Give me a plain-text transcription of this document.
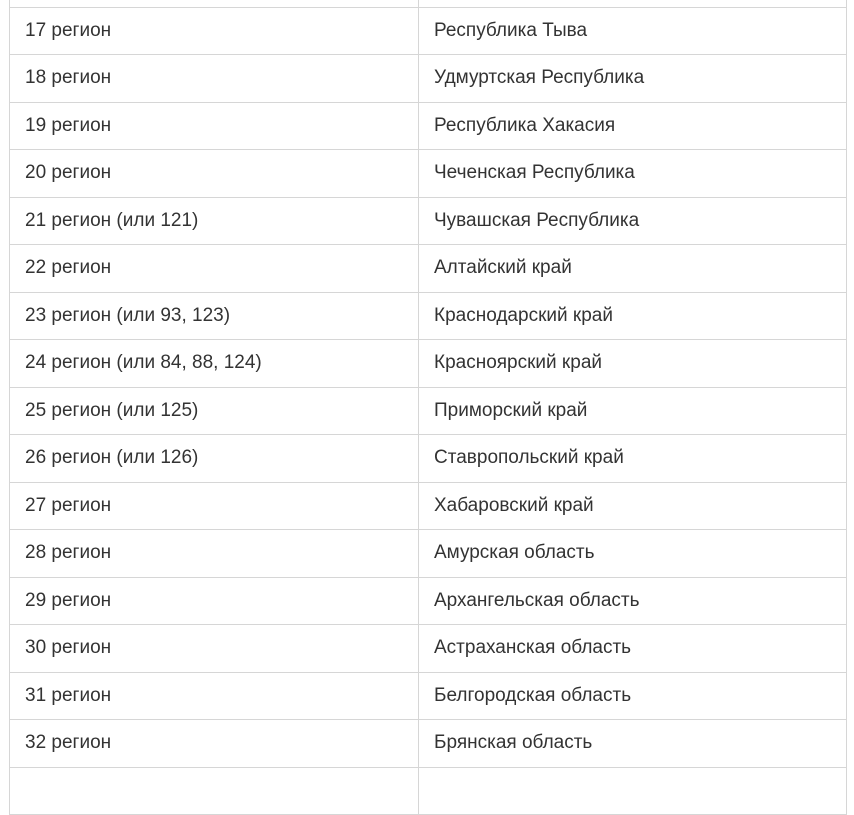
17 регион	Республика Тыва
18 регион	Удмуртская Республика
19 регион	Республика Хакасия
20 регион	Чеченская Республика
21 регион (или 121)	Чувашская Республика
22 регион	Алтайский край
23 регион (или 93, 123)	Краснодарский край
24 регион (или 84, 88, 124)	Красноярский край
25 регион (или 125)	Приморский край
26 регион (или 126)	Ставропольский край
27 регион	Хабаровский край
28 регион	Амурская область
29 регион	Архангельская область
30 регион	Астраханская область
31 регион	Белгородская область
32 регион	Брянская область
